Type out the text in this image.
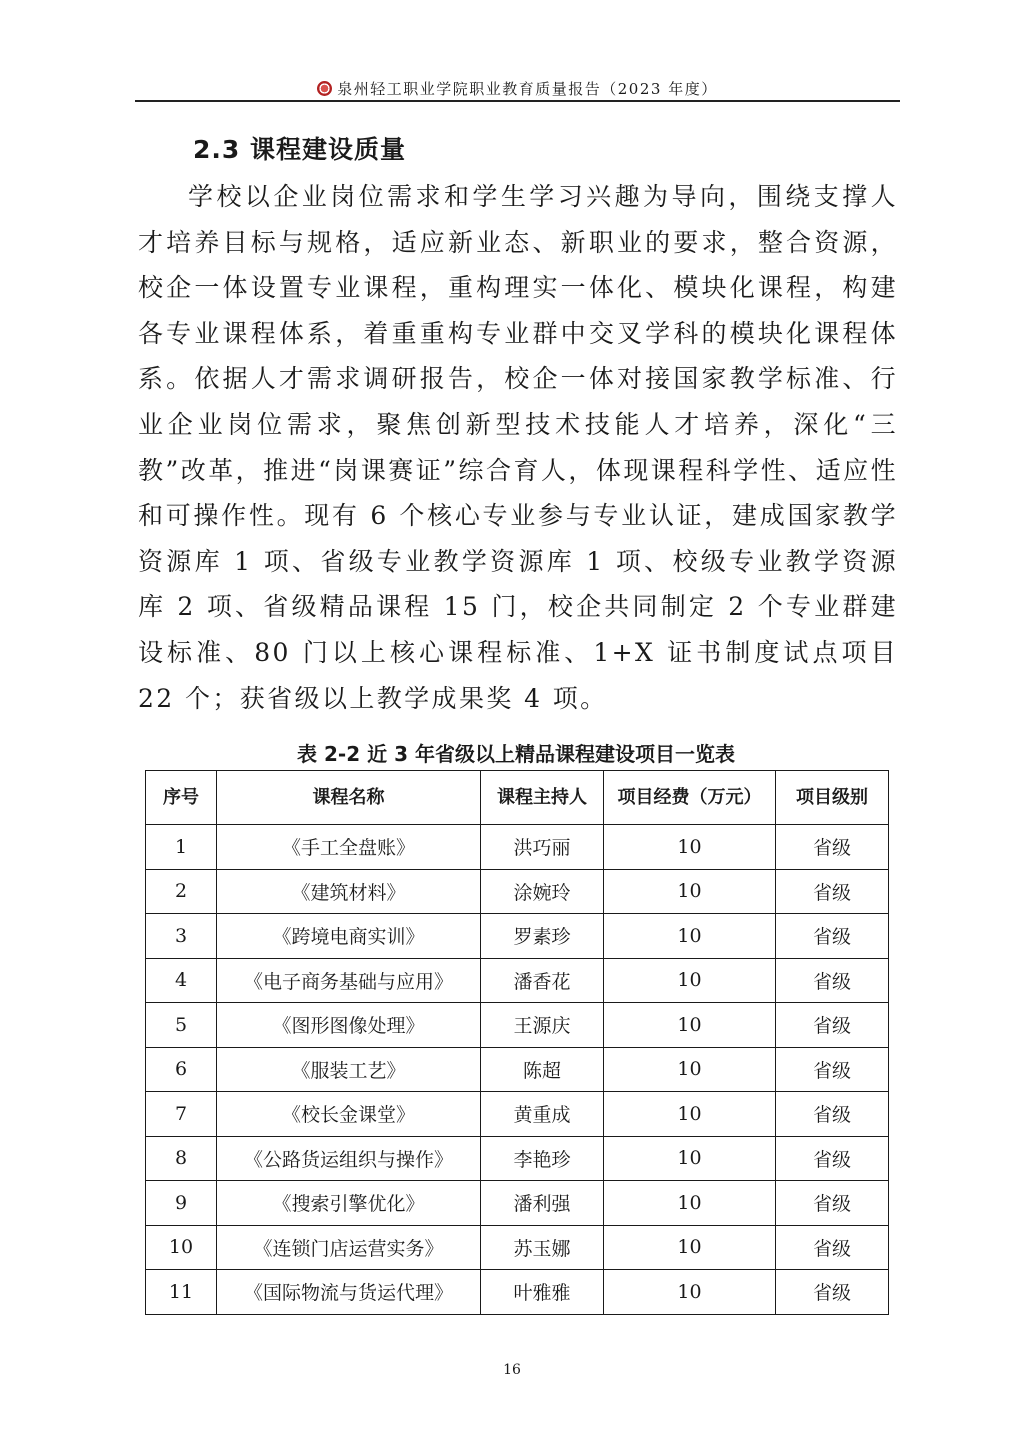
泉州轻工职业学院职业教育质量报告（2023 年度）
2.3 课程建设质量

学校以企业岗位需求和学生学习兴趣为导向，围绕支撑人才培养目标与规格，适应新业态、新职业的要求，整合资源，校企一体设置专业课程，重构理实一体化、模块化课程，构建各专业课程体系，着重重构专业群中交叉学科的模块化课程体系。依据人才需求调研报告，校企一体对接国家教学标准、行业企业岗位需求，聚焦创新型技术技能人才培养，深化“三教”改革，推进“岗课赛证”综合育人，体现课程科学性、适应性和可操作性。现有 6 个核心专业参与专业认证，建成国家教学资源库 1 项、省级专业教学资源库 1 项、校级专业教学资源库 2 项、省级精品课程 15 门，校企共同制定 2 个专业群建设标准、80 门以上核心课程标准、1+X 证书制度试点项目 22 个；获省级以上教学成果奖 4 项。

表 2-2 近 3 年省级以上精品课程建设项目一览表
序号	课程名称	课程主持人	项目经费（万元）	项目级别
1	《手工全盘账》	洪巧丽	10	省级
2	《建筑材料》	涂婉玲	10	省级
3	《跨境电商实训》	罗素珍	10	省级
4	《电子商务基础与应用》	潘香花	10	省级
5	《图形图像处理》	王源庆	10	省级
6	《服装工艺》	陈超	10	省级
7	《校长金课堂》	黄重成	10	省级
8	《公路货运组织与操作》	李艳珍	10	省级
9	《搜索引擎优化》	潘利强	10	省级
10	《连锁门店运营实务》	苏玉娜	10	省级
11	《国际物流与货运代理》	叶雅雅	10	省级
16
